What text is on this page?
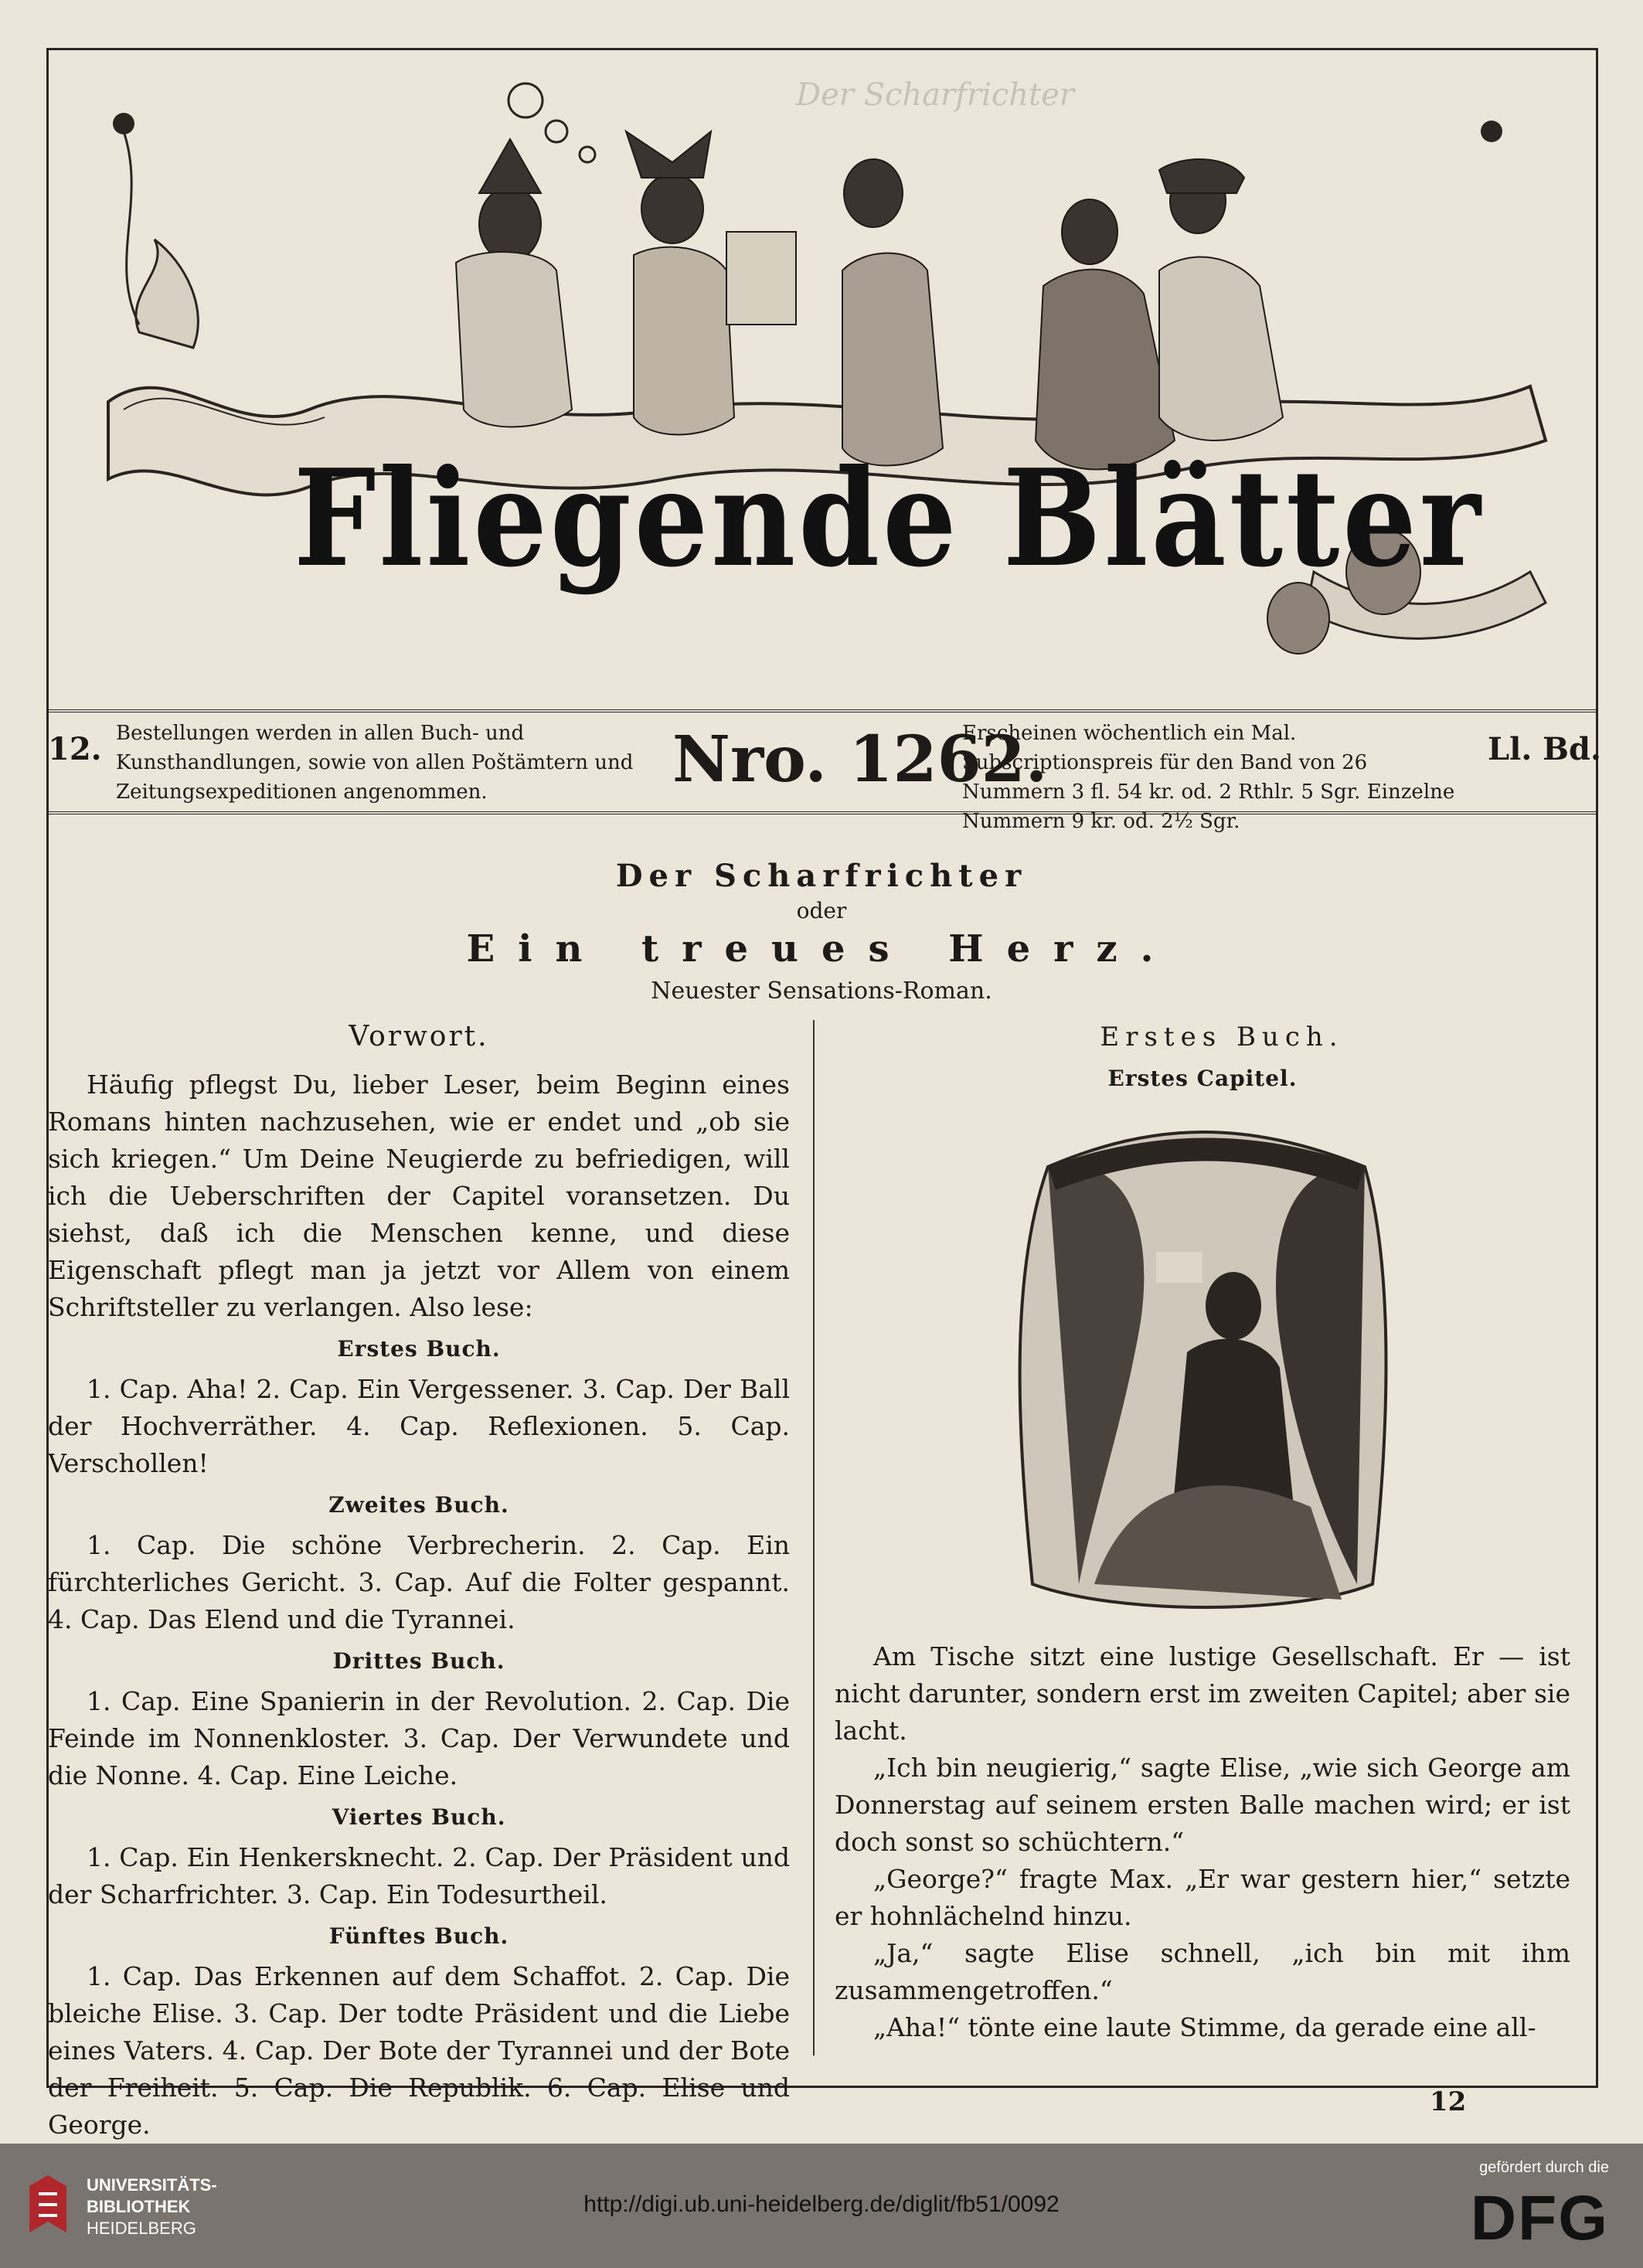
Der Scharfrichter
Fliegende Blätter
12. Bestellungen werden in allen Buch- und Kunsthandlungen, sowie von allen Poštämtern und Zeitungsexpeditionen angenommen.	Nro. 1262.
Erscheinen wöchentlich ein Mal. Subscriptionspreis für den Band von 26 Nummern 3 fl. 54 kr. od. 2 Rthlr. 5 Sgr. Einzelne Nummern 9 kr. od. 2½ Sgr.
Ll. Bd.
Der Scharfrichter
oder
Ein treues Herz.
Neuester Sensations-Roman.

Vorwort.

Häufig pflegst Du, lieber Leser, beim Beginn eines Romans hinten nachzusehen, wie er endet und „ob sie sich kriegen.“ Um Deine Neugierde zu befriedigen, will ich die Ueberschriften der Capitel voransetzen. Du siehst, daß ich die Menschen kenne, und diese Eigenschaft pflegt man ja jetzt vor Allem von einem Schriftsteller zu verlangen. Also lese:

Erstes Buch.

1. Cap. Aha! 2. Cap. Ein Vergessener. 3. Cap. Der Ball der Hochverräther. 4. Cap. Reflexionen. 5. Cap. Verschollen!

Zweites Buch.

1. Cap. Die schöne Verbrecherin. 2. Cap. Ein fürchterliches Gericht. 3. Cap. Auf die Folter gespannt. 4. Cap. Das Elend und die Tyrannei.

Drittes Buch.

1. Cap. Eine Spanierin in der Revolution. 2. Cap. Die Feinde im Nonnenkloster. 3. Cap. Der Verwundete und die Nonne. 4. Cap. Eine Leiche.

Viertes Buch.

1. Cap. Ein Henkersknecht. 2. Cap. Der Präsident und der Scharfrichter. 3. Cap. Ein Todesurtheil.

Fünftes Buch.

1. Cap. Das Erkennen auf dem Schaffot. 2. Cap. Die bleiche Elise. 3. Cap. Der todte Präsident und die Liebe eines Vaters. 4. Cap. Der Bote der Tyrannei und der Bote der Freiheit. 5. Cap. Die Republik. 6. Cap. Elise und George.

Erstes Buch.

Erstes Capitel.

Am Tische sitzt eine lustige Gesellschaft. Er — ist nicht darunter, sondern erst im zweiten Capitel; aber sie lacht.

„Ich bin neugierig,“ sagte Elise, „wie sich George am Donnerstag auf seinem ersten Balle machen wird; er ist doch sonst so schüchtern.“

„George?“ fragte Max. „Er war gestern hier,“ setzte er hohnlächelnd hinzu.

„Ja,“ sagte Elise schnell, „ich bin mit ihm zusammengetroffen.“

„Aha!“ tönte eine laute Stimme, da gerade eine all-

12
UNIVERSITÄTS-
BIBLIOTHEK
HEIDELBERG
http://digi.ub.uni-heidelberg.de/diglit/fb51/0092
gefördert durch die
DFG
